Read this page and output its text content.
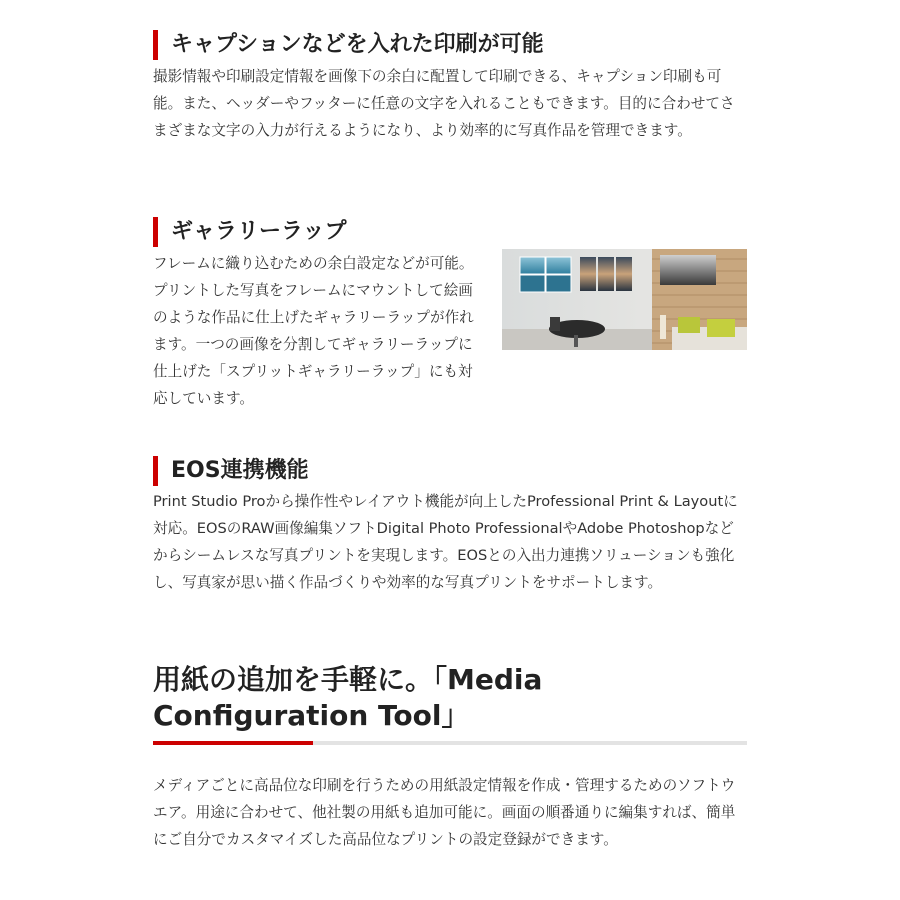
キャプションなどを入れた印刷が可能

撮影情報や印刷設定情報を画像下の余白に配置して印刷できる、キャプション印刷も可能。また、ヘッダーやフッターに任意の文字を入れることもできます。目的に合わせてさまざまな文字の入力が行えるようになり、より効率的に写真作品を管理できます。

ギャラリーラップ

フレームに織り込むための余白設定などが可能。プリントした写真をフレームにマウントして絵画のような作品に仕上げたギャラリーラップが作れます。一つの画像を分割してギャラリーラップに仕上げた「スプリットギャラリーラップ」にも対応しています。

EOS連携機能

Print Studio Proから操作性やレイアウト機能が向上したProfessional Print & Layoutに対応。EOSのRAW画像編集ソフトDigital Photo ProfessionalやAdobe Photoshopなどからシームレスな写真プリントを実現します。EOSとの入出力連携ソリューションも強化し、写真家が思い描く作品づくりや効率的な写真プリントをサポートします。

用紙の追加を手軽に。「Media Configuration Tool」

メディアごとに高品位な印刷を行うための用紙設定情報を作成・管理するためのソフトウエア。用途に合わせて、他社製の用紙も追加可能に。画面の順番通りに編集すれば、簡単にご自分でカスタマイズした高品位なプリントの設定登録ができます。
